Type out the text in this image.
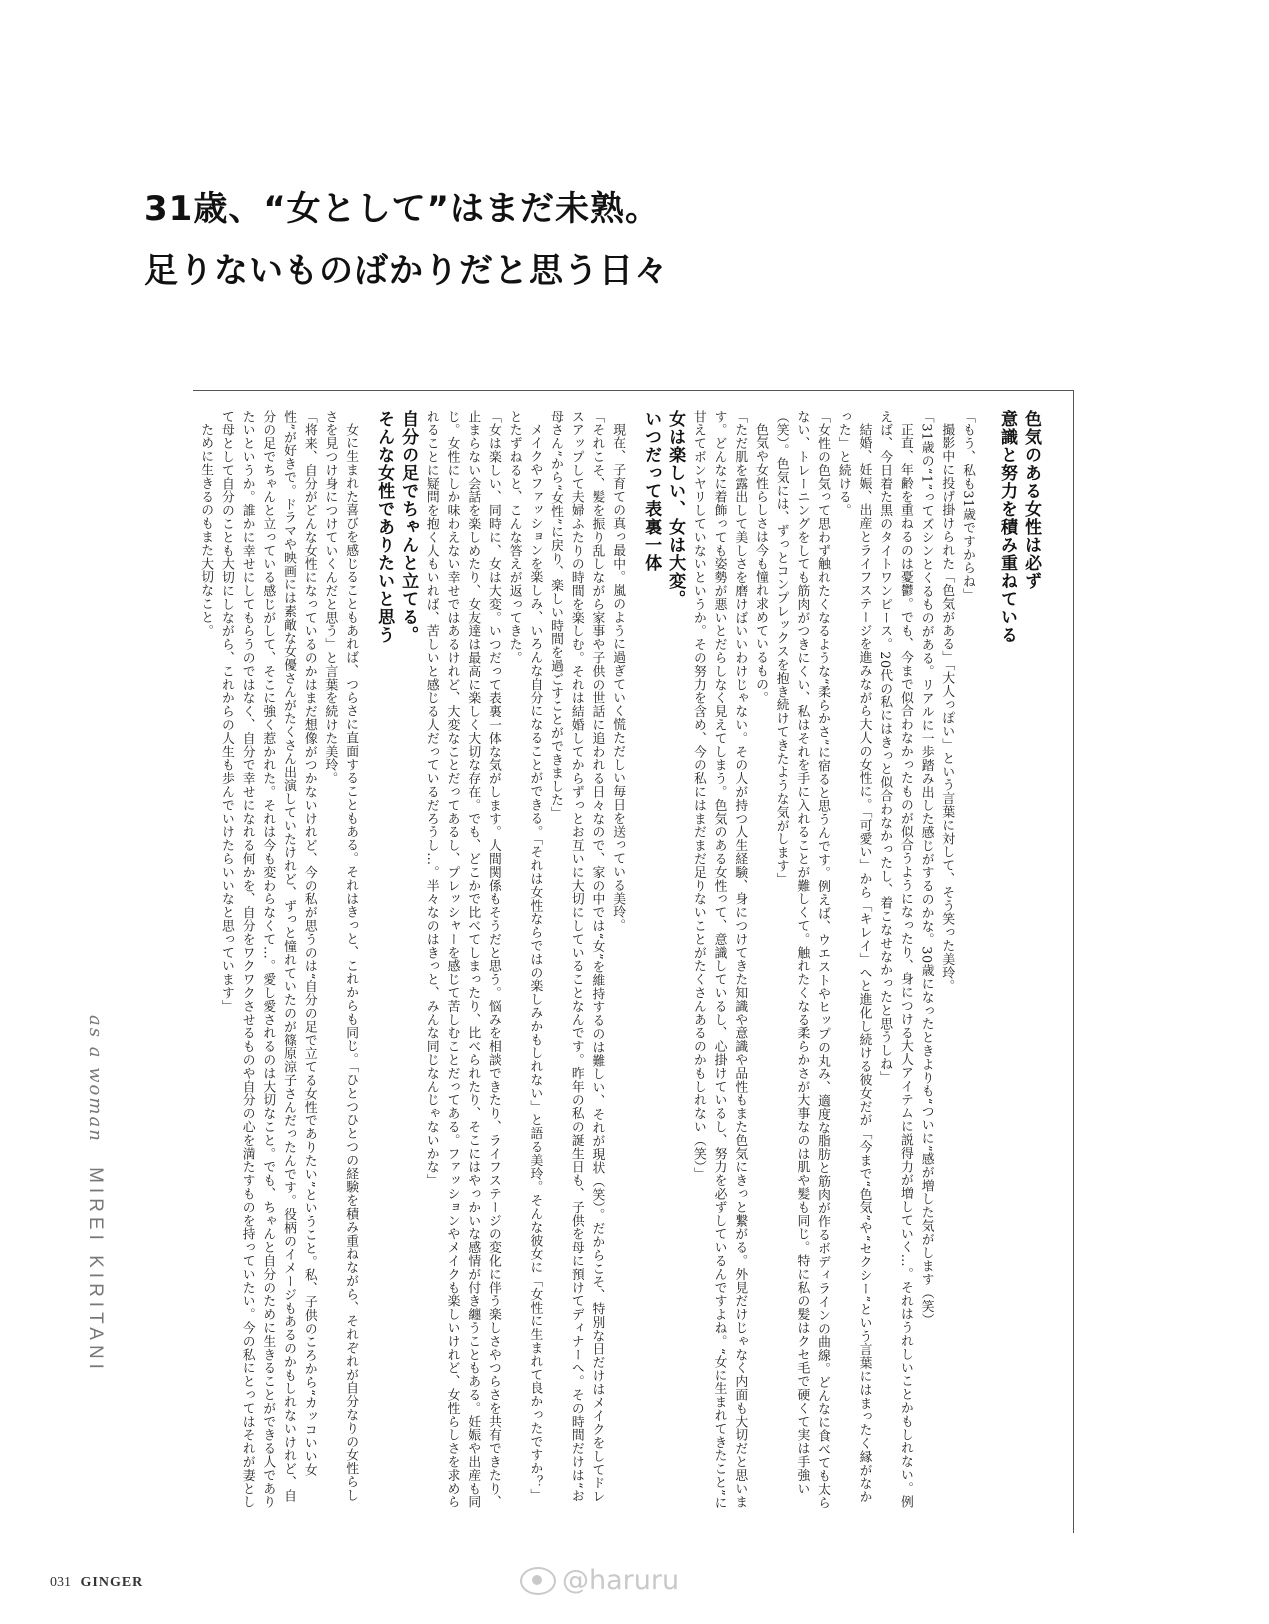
31歳、“女として”はまだ未熟。
足りないものばかりだと思う日々
色気のある女性は必ず
意識と努力を積み重ねている

「もう、私も31歳ですからね」

撮影中に投げ掛けられた「色気がある」「大人っぽい」という言葉に対して、そう笑った美玲。

「31歳の“1”ってズシンとくるものがある。リアルに一歩踏み出した感じがするのかな。30歳になったときよりも“ついに”感が増した気がします（笑）

正直、年齢を重ねるのは憂鬱。でも、今まで似合わなかったものが似合うようになったり、身につける大人アイテムに説得力が増していく…。それはうれしいことかもしれない。例えば、今日着た黒のタイトワンピース。20代の私にはきっと似合わなかったし、着こなせなかったと思うしね」

結婚、妊娠、出産とライフステージを進みながら大人の女性に。「可愛い」から「キレイ」へと進化し続ける彼女だが「今まで“色気”や“セクシー”という言葉にはまったく縁がなかった」と続ける。

「女性の色気って思わず触れたくなるような“柔らかさ”に宿ると思うんです。例えば、ウエストやヒップの丸み、適度な脂肪と筋肉が作るボディラインの曲線。どんなに食べても太らない、トレーニングをしても筋肉がつきにくい、私はそれを手に入れることが難しくて。触れたくなる柔らかさが大事なのは肌や髪も同じ。特に私の髪はクセ毛で硬くて実は手強い（笑）。色気には、ずっとコンプレックスを抱き続けてきたような気がします」

色気や女性らしさは今も憧れ求めているもの。

「ただ肌を露出して美しさを磨けばいいわけじゃない。その人が持つ人生経験、身につけてきた知識や意識や品性もまた色気にきっと繋がる。外見だけじゃなく内面も大切だと思います。どんなに着飾っても姿勢が悪いとだらしなく見えてしまう。色気のある女性って、意識しているし、心掛けているし、努力を必ずしているんですよね。“女に生まれてきたこと”に甘えてボンヤリしていないというか。その努力を含め、今の私にはまだまだ足りないことがたくさんあるのかもしれない（笑）」

女は楽しい、女は大変。
いつだって表裏一体

現在、子育ての真っ最中。嵐のように過ぎていく慌ただしい毎日を送っている美玲。

「それこそ、髪を振り乱しながら家事や子供の世話に追われる日々なので、家の中では“女”を維持するのは難しい、それが現状（笑）。だからこそ、特別な日だけはメイクをしてドレスアップして夫婦ふたりの時間を楽しむ。それは結婚してからずっとお互いに大切にしていることなんです。昨年の私の誕生日も、子供を母に預けてディナーへ。その時間だけは“お母さん”から“女性”に戻り、楽しい時間を過ごすことができました」

メイクやファッションを楽しみ、いろんな自分になることができる。「それは女性ならではの楽しみかもしれない」と語る美玲。そんな彼女に「女性に生まれて良かったですか？」とたずねると、こんな答えが返ってきた。

「女は楽しい、同時に、女は大変。いつだって表裏一体な気がします。人間関係もそうだと思う。悩みを相談できたり、ライフステージの変化に伴う楽しさやつらさを共有できたり、止まらない会話を楽しめたり、女友達は最高に楽しく大切な存在。でも、どこかで比べてしまったり、比べられたり、そこにはやっかいな感情が付き纏うこともある。妊娠や出産も同じ。女性にしか味わえない幸せではあるけれど、大変なことだってあるし、プレッシャーを感じて苦しむことだってある。ファッションやメイクも楽しいけれど、女性らしさを求められることに疑問を抱く人もいれば、苦しいと感じる人だっているだろうし…。半々なのはきっと、みんな同じなんじゃないかな」

自分の足でちゃんと立てる。
そんな女性でありたいと思う

女に生まれた喜びを感じることもあれば、つらさに直面することもある。それはきっと、これからも同じ。「ひとつひとつの経験を積み重ねながら、それぞれが自分なりの女性らしさを見つけ身につけていくんだと思う」と言葉を続けた美玲。

「将来、自分がどんな女性になっているのかはまだ想像がつかないけれど、今の私が思うのは“自分の足で立てる女性でありたい”ということ。私、子供のころから“カッコいい女性”が好きで。ドラマや映画には素敵な女優さんがたくさん出演していたけれど、ずっと憧れていたのが篠原涼子さんだったんです。役柄のイメージもあるのかもしれないけれど、自分の足でちゃんと立っている感じがして、そこに強く惹かれた。それは今も変わらなくて…。愛し愛されるのは大切なこと。でも、ちゃんと自分のために生きることができる人でありたいというか。誰かに幸せにしてもらうのではなく、自分で幸せになれる何かを、自分をワクワクさせるものや自分の心を満たすものを持っていたい。今の私にとってはそれが妻として母として自分のことも大切にしながら、これからの人生も歩んでいけたらいいなと思っています」

ために生きるのもまた大切なこと。

as a woman MIREI KIRITANI
031 GINGER	@haruru
